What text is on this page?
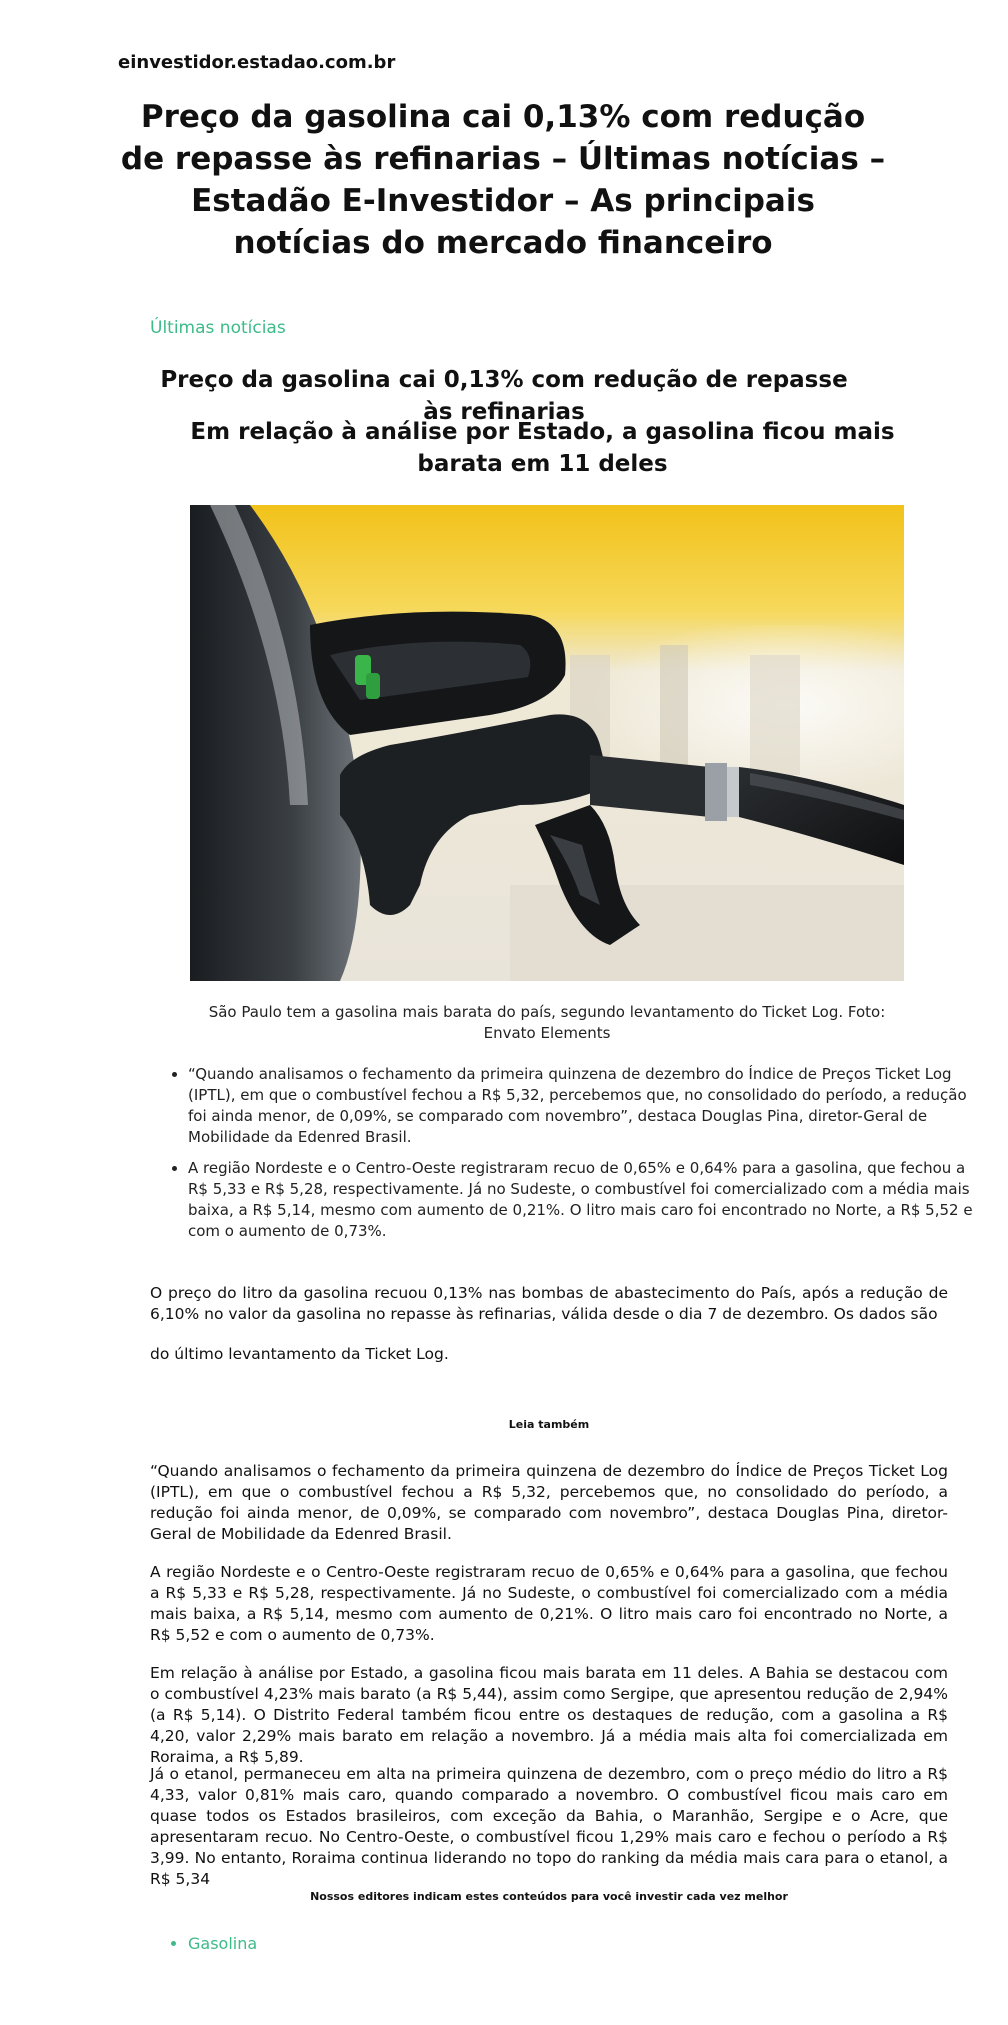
einvestidor.estadao.com.br
Preço da gasolina cai 0,13% com redução de repasse às refinarias – Últimas notícias – Estadão E-Investidor – As principais notícias do mercado financeiro
Últimas notícias
Preço da gasolina cai 0,13% com redução de repasse às refinarias
Em relação à análise por Estado, a gasolina ficou mais barata em 11 deles
São Paulo tem a gasolina mais barata do país, segundo levantamento do Ticket Log. Foto: Envato Elements
• “Quando analisamos o fechamento da primeira quinzena de dezembro do Índice de Preços Ticket Log (IPTL), em que o combustível fechou a R$ 5,32, percebemos que, no consolidado do período, a redução foi ainda menor, de 0,09%, se comparado com novembro”, destaca Douglas Pina, diretor-Geral de Mobilidade da Edenred Brasil.
• A região Nordeste e o Centro-Oeste registraram recuo de 0,65% e 0,64% para a gasolina, que fechou a R$ 5,33 e R$ 5,28, respectivamente. Já no Sudeste, o combustível foi comercializado com a média mais baixa, a R$ 5,14, mesmo com aumento de 0,21%. O litro mais caro foi encontrado no Norte, a R$ 5,52 e com o aumento de 0,73%.

O preço do litro da gasolina recuou 0,13% nas bombas de abastecimento do País, após a redução de 6,10% no valor da gasolina no repasse às refinarias, válida desde o dia 7 de dezembro. Os dados são

do último levantamento da Ticket Log.

Leia também

“Quando analisamos o fechamento da primeira quinzena de dezembro do Índice de Preços Ticket Log (IPTL), em que o combustível fechou a R$ 5,32, percebemos que, no consolidado do período, a redução foi ainda menor, de 0,09%, se comparado com novembro”, destaca Douglas Pina, diretor-Geral de Mobilidade da Edenred Brasil.

A região Nordeste e o Centro-Oeste registraram recuo de 0,65% e 0,64% para a gasolina, que fechou a R$ 5,33 e R$ 5,28, respectivamente. Já no Sudeste, o combustível foi comercializado com a média mais baixa, a R$ 5,14, mesmo com aumento de 0,21%. O litro mais caro foi encontrado no Norte, a R$ 5,52 e com o aumento de 0,73%.

Em relação à análise por Estado, a gasolina ficou mais barata em 11 deles. A Bahia se destacou com o combustível 4,23% mais barato (a R$ 5,44), assim como Sergipe, que apresentou redução de 2,94% (a R$ 5,14). O Distrito Federal também ficou entre os destaques de redução, com a gasolina a R$ 4,20, valor 2,29% mais barato em relação a novembro. Já a média mais alta foi comercializada em Roraima, a R$ 5,89.

Já o etanol, permaneceu em alta na primeira quinzena de dezembro, com o preço médio do litro a R$ 4,33, valor 0,81% mais caro, quando comparado a novembro. O combustível ficou mais caro em quase todos os Estados brasileiros, com exceção da Bahia, o Maranhão, Sergipe e o Acre, que apresentaram recuo. No Centro-Oeste, o combustível ficou 1,29% mais caro e fechou o período a R$ 3,99. No entanto, Roraima continua liderando no topo do ranking da média mais cara para o etanol, a R$ 5,34

Nossos editores indicam estes conteúdos para você investir cada vez melhor
• Gasolina
